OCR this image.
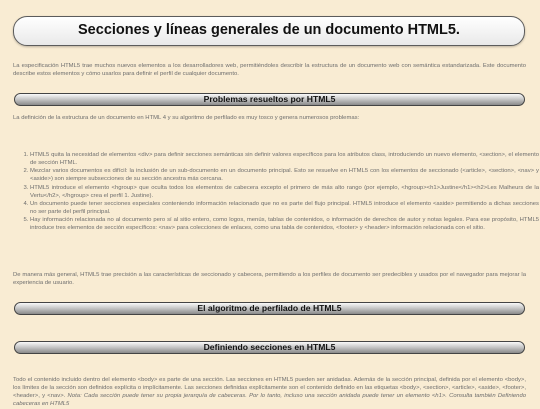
Secciones y líneas generales de un documento HTML5.

La especificación HTML5 trae muchos nuevos elementos a los desarrolladores web, permitiéndoles describir la estructura de un documento web con semántica estandarizada. Este documento describe estos elementos y cómo usarlos para definir el perfil de cualquier documento.

Problemas resueltos por HTML5

La definición de la estructura de un documento en HTML 4 y su algoritmo de perfilado es muy tosco y genera numerosos problemas:

1. HTML5 quita la necesidad de elementos <div> para definir secciones semánticas sin definir valores específicos para los atributos class, introduciendo un nuevo elemento, <section>, el elemento de sección HTML.
2. Mezclar varios documentos es difícil: la inclusión de un sub-documento en un documento principal. Esto se resuelve en HTML5 con los elementos de seccionado (<article>, <section>, <nav> y <aside>) son siempre subsecciones de su sección ancestra más cercana.
3. HTML5 introduce el elemento <hgroup> que oculta todos los elementos de cabecera excepto el primero de más alto rango (por ejemplo, <hgroup><h1>Justine</h1><h2>Les Malheurs de la Vertu</h2>, </hgroup> crea el perfil 1. Justine).
4. Un documento puede tener secciones especiales conteniendo información relacionado que no es parte del flujo principal. HTML5 introduce el elemento <aside> permitiendo a dichas secciones no ser parte del perfil principal.
5. Hay información relacionada no al documento pero sí al sitio entero, como logos, menús, tablas de contenidos, o información de derechos de autor y notas legales. Para ese propósito, HTML5 introduce tres elementos de sección específicos: <nav> para colecciones de enlaces, como una tabla de contenidos, <footer> y <header> información relacionada con el sitio.

De manera más general, HTML5 trae precisión a las características de seccionado y cabecera, permitiendo a los perfiles de documento ser predecibles y usados por el navegador para mejorar la experiencia de usuario.

El algoritmo de perfilado de HTML5
Definiendo secciones en HTML5

Todo el contenido incluido dentro del elemento <body> es parte de una sección. Las secciones en HTML5 pueden ser anidadas. Además de la sección principal, definida por el elemento <body>, los límites de la sección son definidos explícita o implícitamente. Las secciones definidas explícitamente son el contenido definido en las etiquetas <body>, <section>, <article>, <aside>, <footer>, <header>, y <nav>. Nota: Cada sección puede tener su propia jerarquía de cabeceras. Por lo tanto, incluso una sección anidada puede tener un elemento <h1>. Consulta también Definiendo cabeceras en HTML5
